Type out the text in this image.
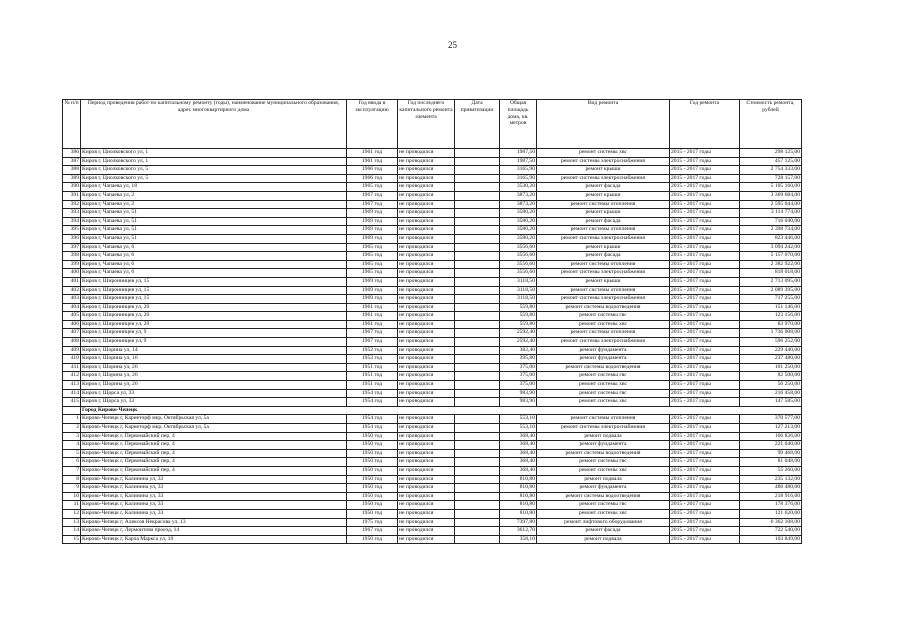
25
№ п/п	Период проведения работ по капитальному ремонту (годы), наименование муниципального образования, адрес многоквартирного дома	Год ввода в эксплуатацию	Год последнего капитального ремонта элемента	Дата приватизации	Общая площадь дома, кв. метров	Вид ремонта	Год ремонта	Стоимость ремонта, рублей
386	Киров г, Циолковского ул, 1	1961 год	не проводился		1987,50	ремонт системы хвс	2015 - 2017 годы	298 125,00
387	Киров г, Циолковского ул, 1	1961 год	не проводился		1987,50	ремонт системы электроснабжения	2015 - 2017 годы	457 125,00
388	Киров г, Циолковского ул, 5	1966 год	не проводился		3165,90	ремонт крыши	2015 - 2017 годы	2 754 333,00
389	Киров г, Циолковского ул, 5	1966 год	не проводился		3165,90	ремонт системы электроснабжения	2015 - 2017 годы	728 157,00
390	Киров г, Чапаева ул, 18	1965 год	не проводился		3530,20	ремонт фасада	2015 - 2017 годы	5 105 160,00
391	Киров г, Чапаева ул, 2	1967 год	не проводился		3873,20	ремонт крыши	2015 - 2017 годы	3 369 684,00
392	Киров г, Чапаева ул, 2	1967 год	не проводился		3873,20	ремонт системы отопления	2015 - 2017 годы	2 595 044,00
393	Киров г, Чапаева ул, 51	1969 год	не проводился		3580,20	ремонт крыши	2015 - 2017 годы	3 114 774,00
394	Киров г, Чапаева ул, 51	1969 год	не проводился		3580,20	ремонт фасада	2015 - 2017 годы	716 040,00
395	Киров г, Чапаева ул, 51	1969 год	не проводился		3580,20	ремонт системы отопления	2015 - 2017 годы	2 398 734,00
396	Киров г, Чапаева ул, 51	1969 год	не проводился		3580,20	ремонт системы электроснабжения	2015 - 2017 годы	823 446,00
397	Киров г, Чапаева ул, 6	1965 год	не проводился		3556,60	ремонт крыши	2015 - 2017 годы	3 094 242,00
398	Киров г, Чапаева ул, 6	1965 год	не проводился		3556,60	ремонт фасада	2015 - 2017 годы	5 157 070,00
399	Киров г, Чапаева ул, 6	1965 год	не проводился		3556,60	ремонт системы отопления	2015 - 2017 годы	2 382 922,00
400	Киров г, Чапаева ул, 6	1965 год	не проводился		3556,60	ремонт системы электроснабжения	2015 - 2017 годы	818 018,00
401	Киров г, Широнинцев ул, 15	1969 год	не проводился		3118,50	ремонт крыши	2015 - 2017 годы	2 713 095,00
402	Киров г, Широнинцев ул, 15	1969 год	не проводился		3118,50	ремонт системы отопления	2015 - 2017 годы	2 089 395,00
403	Киров г, Широнинцев ул, 15	1969 год	не проводился		3118,50	ремонт системы электроснабжения	2015 - 2017 годы	717 255,00
404	Киров г, Широнинцев ул, 20	1961 год	не проводился		559,80	ремонт системы водоотведения	2015 - 2017 годы	151 146,00
405	Киров г, Широнинцев ул, 20	1961 год	не проводился		559,80	ремонт системы гвс	2015 - 2017 годы	123 156,00
406	Киров г, Широнинцев ул, 20	1961 год	не проводился		559,80	ремонт системы хвс	2015 - 2017 годы	83 970,00
407	Киров г, Широнинцев ул, 9	1967 год	не проводился		2592,40	ремонт системы отопления	2015 - 2017 годы	1 736 908,00
408	Киров г, Широнинцев ул, 9	1967 год	не проводился		2592,40	ремонт системы электроснабжения	2015 - 2017 годы	596 252,00
409	Киров г, Шорина ул, 14	1952 год	не проводился		382,40	ремонт фундамента	2015 - 2017 годы	229 440,00
410	Киров г, Шорина ул, 16	1953 год	не проводился		395,80	ремонт фундамента	2015 - 2017 годы	237 480,00
411	Киров г, Шорина ул, 26	1951 год	не проводился		375,00	ремонт системы водоотведения	2015 - 2017 годы	101 250,00
412	Киров г, Шорина ул, 26	1951 год	не проводился		375,00	ремонт системы гвс	2015 - 2017 годы	82 500,00
413	Киров г, Шорина ул, 26	1951 год	не проводился		375,00	ремонт системы хвс	2015 - 2017 годы	56 250,00
414	Киров г, Щорса ул, 33	1954 год	не проводился		983,90	ремонт системы гвс	2015 - 2017 годы	216 458,00
415	Киров г, Щорса ул, 33	1954 год	не проводился		983,90	ремонт системы хвс	2015 - 2017 годы	147 585,00
	Город Кирово-Чепецк							
1	Кирово-Чепецк г, Карнеторф мкр, Октябрьская ул, 5а	1954 год	не проводился		553,10	ремонт системы отопления	2015 - 2017 годы	370 577,00
2	Кирово-Чепецк г, Карнеторф мкр, Октябрьская ул, 5а	1954 год	не проводился		553,10	ремонт системы электроснабжения	2015 - 2017 годы	127 213,00
3	Кирово-Чепецк г, Первомайский пер, 4	1950 год	не проводился		368,40	ремонт подвала	2015 - 2017 годы	106 836,00
4	Кирово-Чепецк г, Первомайский пер, 4	1950 год	не проводился		368,40	ремонт фундамента	2015 - 2017 годы	221 040,00
5	Кирово-Чепецк г, Первомайский пер, 4	1950 год	не проводился		368,40	ремонт системы водоотведения	2015 - 2017 годы	99 468,00
6	Кирово-Чепецк г, Первомайский пер, 4	1950 год	не проводился		368,40	ремонт системы гвс	2015 - 2017 годы	81 048,00
7	Кирово-Чепецк г, Первомайский пер, 4	1950 год	не проводился		368,40	ремонт системы хвс	2015 - 2017 годы	55 260,00
8	Кирово-Чепецк г, Калинина ул, 33	1950 год	не проводился		810,80	ремонт подвала	2015 - 2017 годы	235 132,00
9	Кирово-Чепецк г, Калинина ул, 33	1950 год	не проводился		810,80	ремонт фундамента	2015 - 2017 годы	486 480,00
10	Кирово-Чепецк г, Калинина ул, 33	1950 год	не проводился		810,80	ремонт системы водоотведения	2015 - 2017 годы	218 916,00
11	Кирово-Чепецк г, Калинина ул, 33	1950 год	не проводился		810,80	ремонт системы гвс	2015 - 2017 годы	178 376,00
12	Кирово-Чепецк г, Калинина ул, 33	1950 год	не проводился		810,80	ремонт системы хвс	2015 - 2017 годы	121 620,00
13	Кирово-Чепецк г, Алексея Некрасова ул, 13	1975 год	не проводился		7397,80	ремонт лифтового оборудования	2015 - 2017 годы	6 362 108,00
14	Кирово-Чепецк г, Лермонтова проезд, 14	1967 год	не проводился		3612,70	ремонт фасада	2015 - 2017 годы	722 540,00
15	Кирово-Чепецк г, Карла Маркса ул, 10	1950 год	не проводился		358,10	ремонт подвала	2015 - 2017 годы	103 849,00
